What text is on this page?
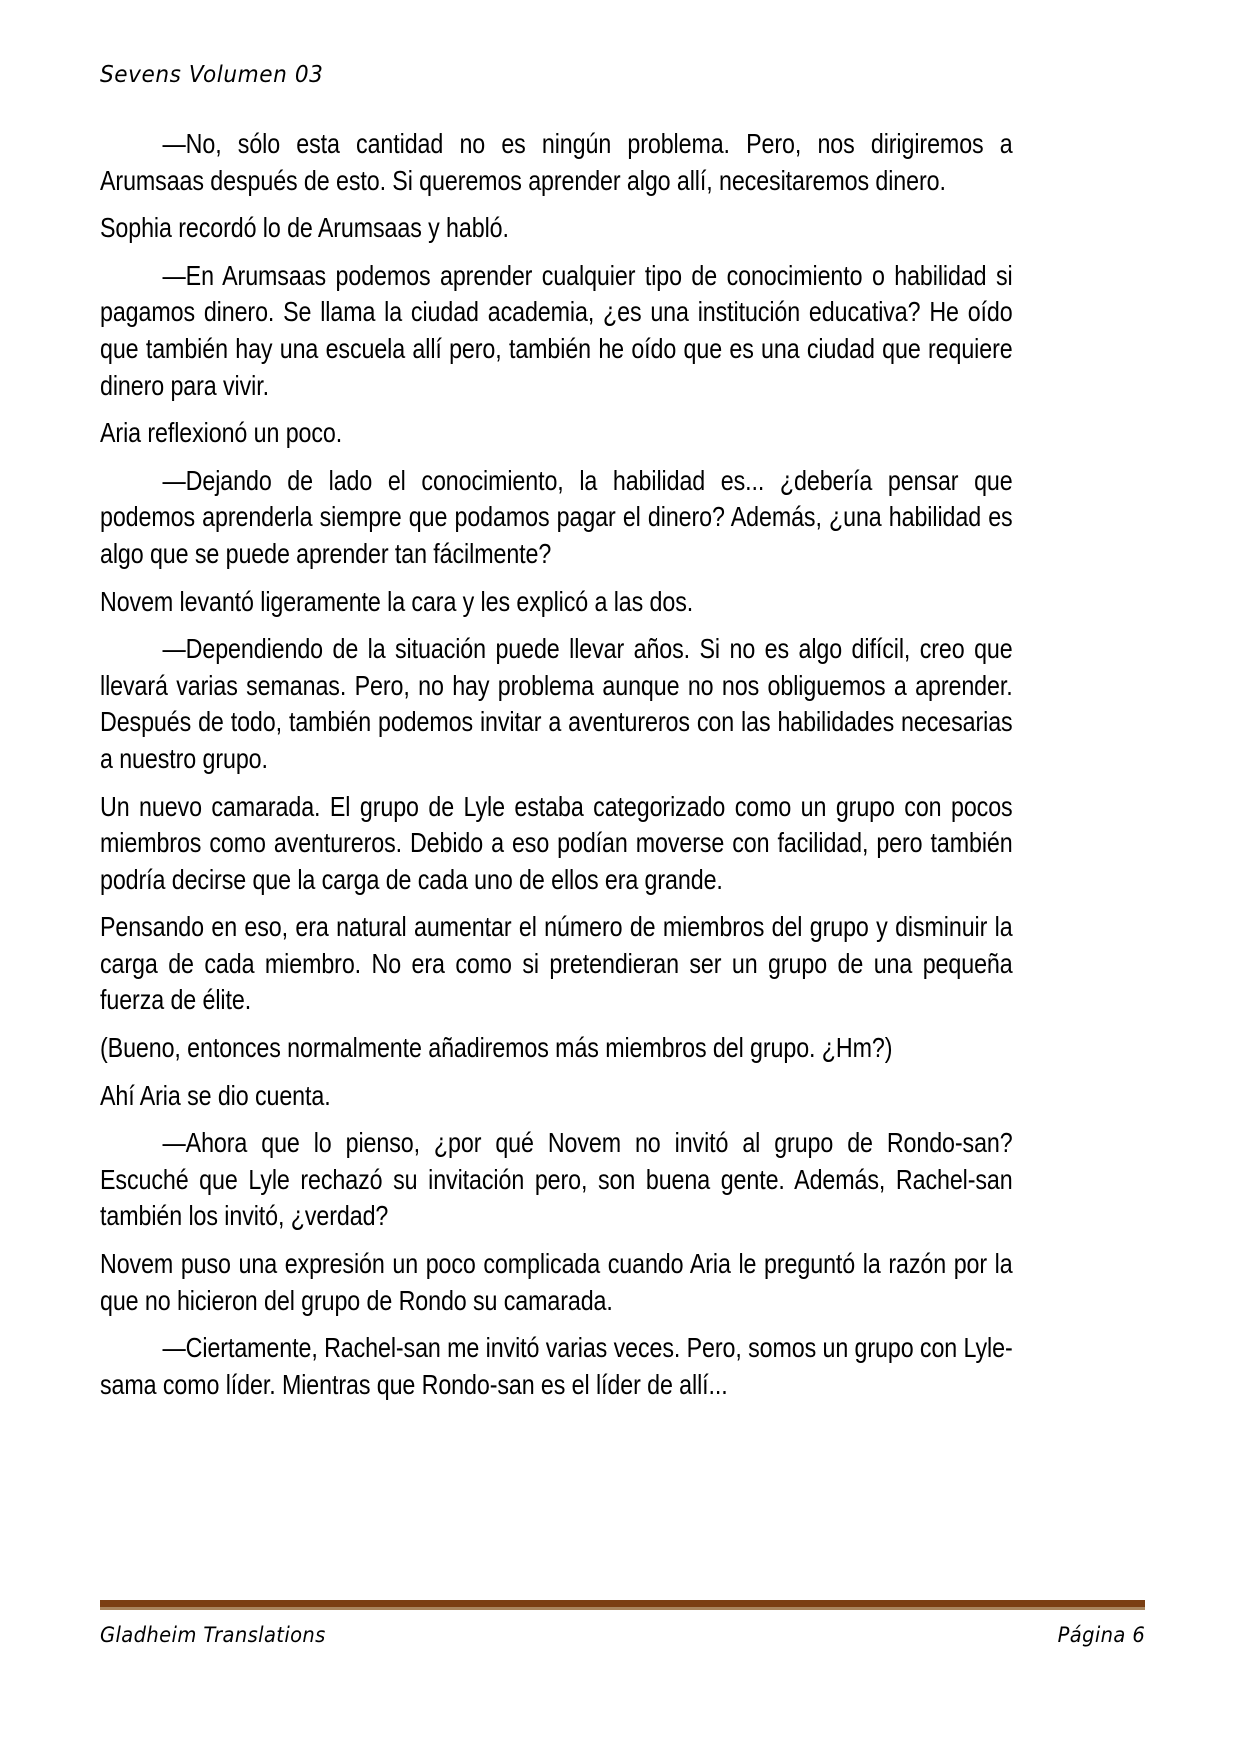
Sevens Volumen 03

—No, sólo esta cantidad no es ningún problema. Pero, nos dirigiremos a Arumsaas después de esto. Si queremos aprender algo allí, necesitaremos dinero.

Sophia recordó lo de Arumsaas y habló.

—En Arumsaas podemos aprender cualquier tipo de conocimiento o habilidad si pagamos dinero. Se llama la ciudad academia, ¿es una institución educativa? He oído que también hay una escuela allí pero, también he oído que es una ciudad que requiere dinero para vivir.

Aria reflexionó un poco.

—Dejando de lado el conocimiento, la habilidad es... ¿debería pensar que podemos aprenderla siempre que podamos pagar el dinero? Además, ¿una habilidad es algo que se puede aprender tan fácilmente?

Novem levantó ligeramente la cara y les explicó a las dos.

—Dependiendo de la situación puede llevar años. Si no es algo difícil, creo que llevará varias semanas. Pero, no hay problema aunque no nos obliguemos a aprender. Después de todo, también podemos invitar a aventureros con las habilidades necesarias a nuestro grupo.

Un nuevo camarada. El grupo de Lyle estaba categorizado como un grupo con pocos miembros como aventureros. Debido a eso podían moverse con facilidad, pero también podría decirse que la carga de cada uno de ellos era grande.

Pensando en eso, era natural aumentar el número de miembros del grupo y disminuir la carga de cada miembro. No era como si pretendieran ser un grupo de una pequeña fuerza de élite.

(Bueno, entonces normalmente añadiremos más miembros del grupo. ¿Hm?)

Ahí Aria se dio cuenta.

—Ahora que lo pienso, ¿por qué Novem no invitó al grupo de Rondo-san? Escuché que Lyle rechazó su invitación pero, son buena gente. Además, Rachel-san también los invitó, ¿verdad?

Novem puso una expresión un poco complicada cuando Aria le preguntó la razón por la que no hicieron del grupo de Rondo su camarada.

—Ciertamente, Rachel-san me invitó varias veces. Pero, somos un grupo con Lyle-sama como líder. Mientras que Rondo-san es el líder de allí...

Gladheim Translations	Página 6
